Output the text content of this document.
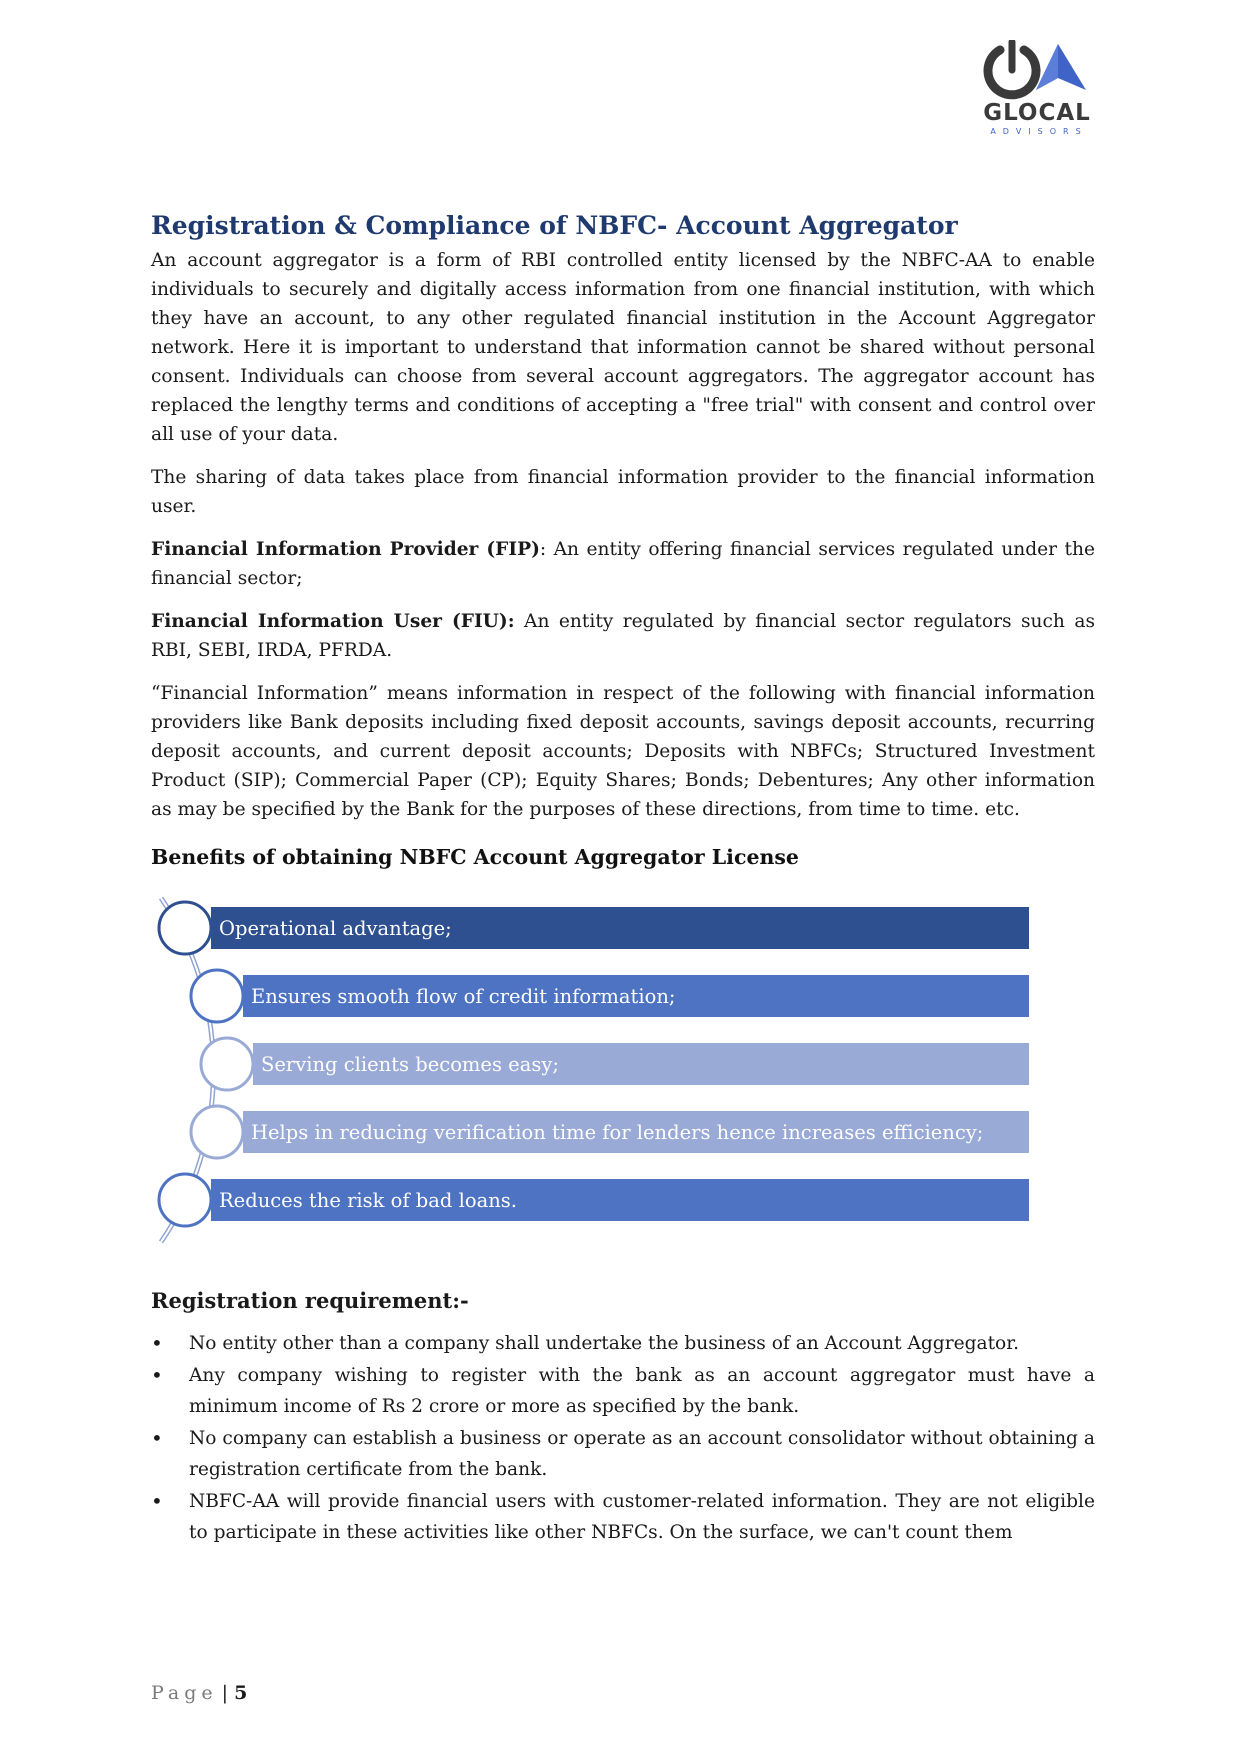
GLOCAL
ADVISORS
Registration & Compliance of NBFC- Account Aggregator

An account aggregator is a form of RBI controlled entity licensed by the NBFC-AA to enable individuals to securely and digitally access information from one financial institution, with which they have an account, to any other regulated financial institution in the Account Aggregator network. Here it is important to understand that information cannot be shared without personal consent. Individuals can choose from several account aggregators. The aggregator account has replaced the lengthy terms and conditions of accepting a "free trial" with consent and control over all use of your data.

The sharing of data takes place from financial information provider to the financial information user.

Financial Information Provider (FIP): An entity offering financial services regulated under the financial sector;

Financial Information User (FIU): An entity regulated by financial sector regulators such as RBI, SEBI, IRDA, PFRDA.

“Financial Information” means information in respect of the following with financial information providers like Bank deposits including fixed deposit accounts, savings deposit accounts, recurring deposit accounts, and current deposit accounts; Deposits with NBFCs; Structured Investment Product (SIP); Commercial Paper (CP); Equity Shares; Bonds; Debentures; Any other information as may be specified by the Bank for the purposes of these directions, from time to time. etc.

Benefits of obtaining NBFC Account Aggregator License
Operational advantage;
Ensures smooth flow of credit information;
Serving clients becomes easy;
Helps in reducing verification time for lenders hence increases efficiency;
Reduces the risk of bad loans.
Registration requirement:-
• No entity other than a company shall undertake the business of an Account Aggregator.
• Any company wishing to register with the bank as an account aggregator must have a minimum income of Rs 2 crore or more as specified by the bank.
• No company can establish a business or operate as an account consolidator without obtaining a registration certificate from the bank.
• NBFC-AA will provide financial users with customer-related information. They are not eligible to participate in these activities like other NBFCs. On the surface, we can't count them
Page | 5
